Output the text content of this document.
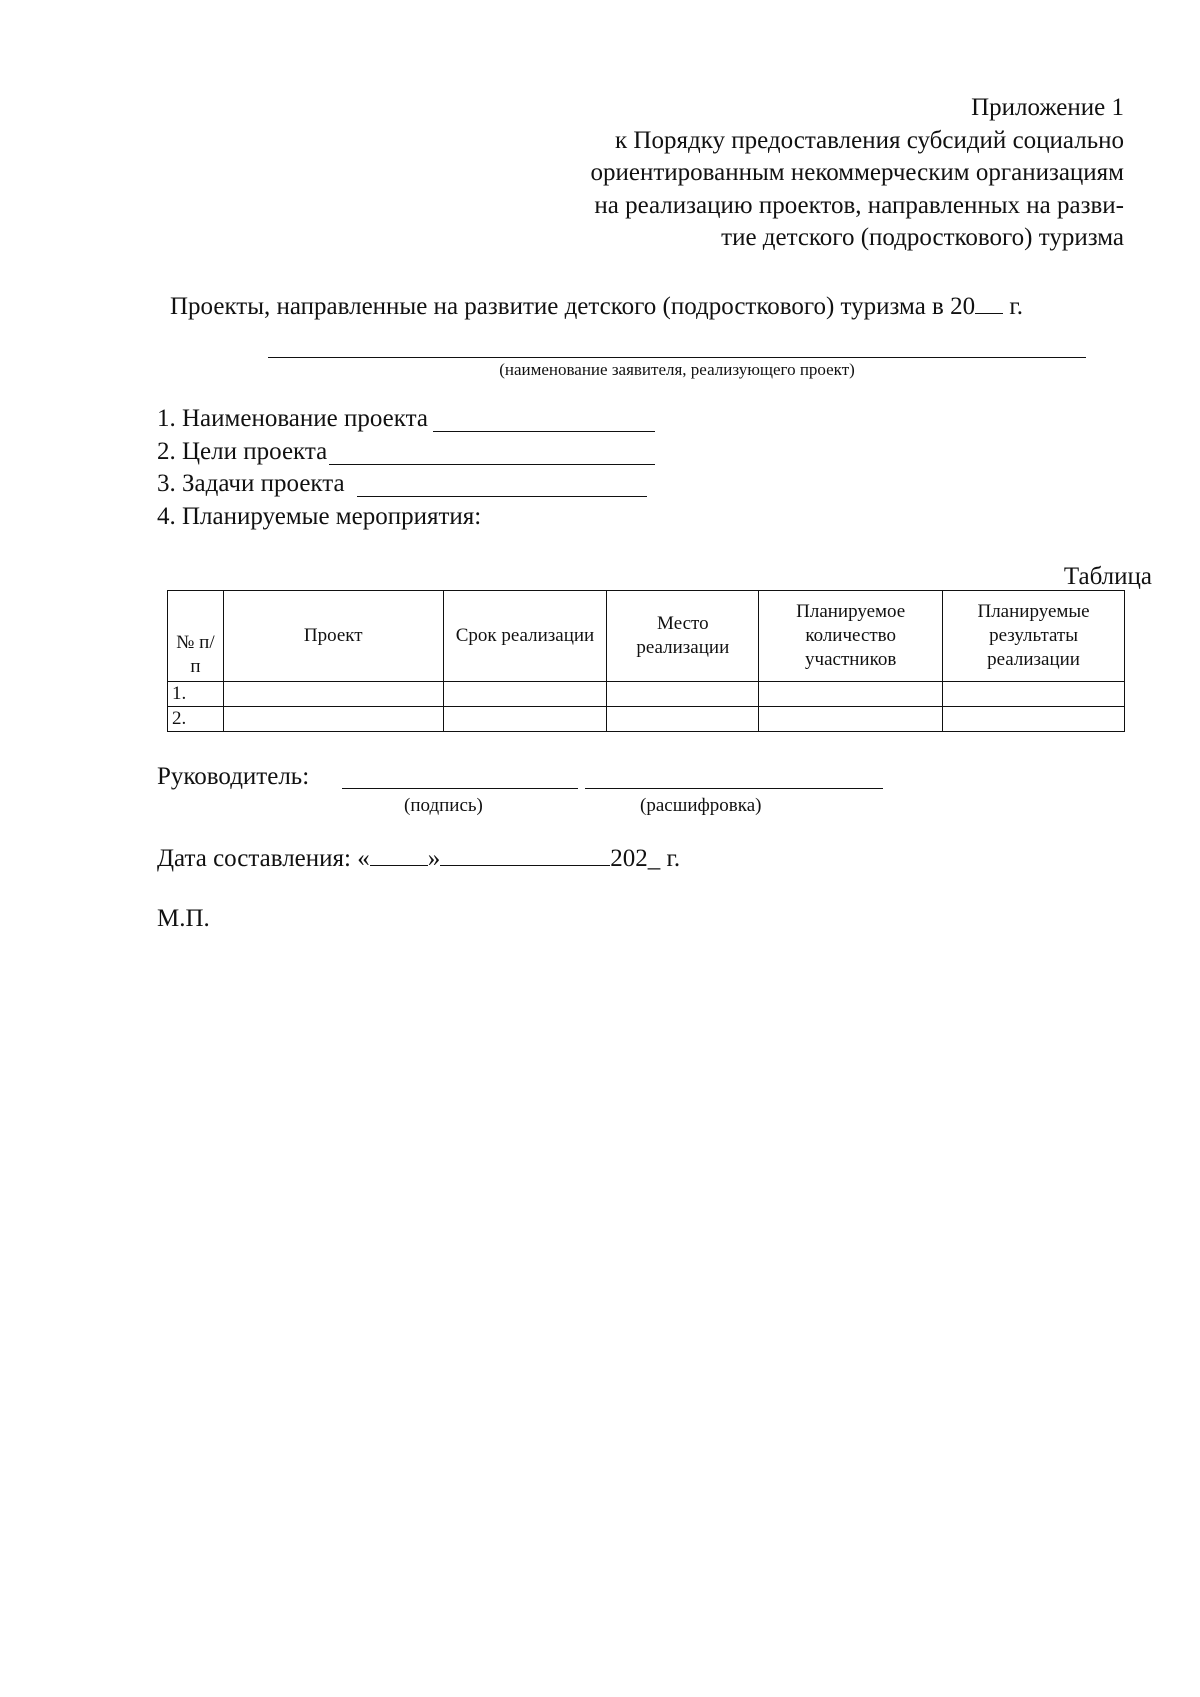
Приложение 1
к Порядку предоставления субсидий социально
ориентированным некоммерческим организациям
на реализацию проектов, направленных на разви-
тие детского (подросткового) туризма
Проекты, направленные на развитие детского (подросткового) туризма в 20 г.
(наименование заявителя, реализующего проект)
1. Наименование проекта
2. Цели проекта
3. Задачи проекта
4. Планируемые мероприятия:
Таблица
№ п/п	Проект	Срок реализации	Место реализации	Планируемое количество участников	Планируемые результаты реализации
1.					
2.					
Руководитель:
(подпись)	(расшифровка)
Дата составления: « »	202_ г.
М.П.
